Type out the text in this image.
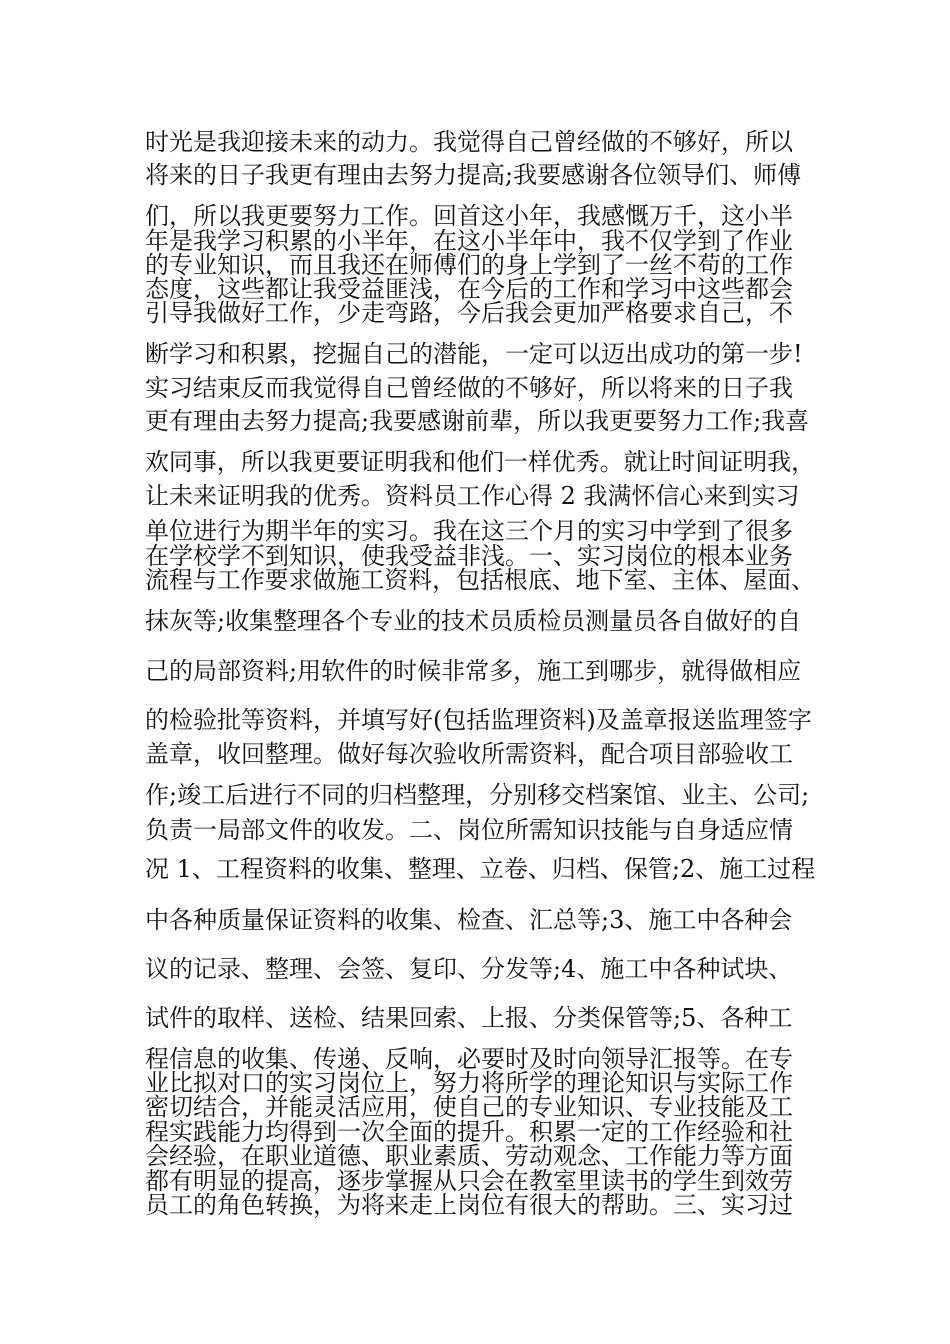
时光是我迎接未来的动力。我觉得自己曾经做的不够好，所以
将来的日子我更有理由去努力提高;我要感谢各位领导们、师傅
们，所以我更要努力工作。回首这小年，我感慨万千，这小半
年是我学习积累的小半年，在这小半年中，我不仅学到了作业
的专业知识，而且我还在师傅们的身上学到了一丝不苟的工作
态度，这些都让我受益匪浅，在今后的工作和学习中这些都会
引导我做好工作，少走弯路，今后我会更加严格要求自己，不
断学习和积累，挖掘自己的潜能，一定可以迈出成功的第一步!
实习结束反而我觉得自己曾经做的不够好，所以将来的日子我
更有理由去努力提高;我要感谢前辈，所以我更要努力工作;我喜
欢同事，所以我更要证明我和他们一样优秀。就让时间证明我，
让未来证明我的优秀。资料员工作心得 2 我满怀信心来到实习
单位进行为期半年的实习。我在这三个月的实习中学到了很多
在学校学不到知识，使我受益非浅。一、实习岗位的根本业务
流程与工作要求做施工资料，包括根底、地下室、主体、屋面、
抹灰等;收集整理各个专业的技术员质检员测量员各自做好的自
己的局部资料;用软件的时候非常多，施工到哪步，就得做相应
的检验批等资料，并填写好(包括监理资料)及盖章报送监理签字
盖章，收回整理。做好每次验收所需资料，配合项目部验收工
作;竣工后进行不同的归档整理，分别移交档案馆、业主、公司;
负责一局部文件的收发。二、岗位所需知识技能与自身适应情
况 1、工程资料的收集、整理、立卷、归档、保管;2、施工过程
中各种质量保证资料的收集、检查、汇总等;3、施工中各种会
议的记录、整理、会签、复印、分发等;4、施工中各种试块、
试件的取样、送检、结果回索、上报、分类保管等;5、各种工
程信息的收集、传递、反响，必要时及时向领导汇报等。在专
业比拟对口的实习岗位上，努力将所学的理论知识与实际工作
密切结合，并能灵活应用，使自己的专业知识、专业技能及工
程实践能力均得到一次全面的提升。积累一定的工作经验和社
会经验，在职业道德、职业素质、劳动观念、工作能力等方面
都有明显的提高，逐步掌握从只会在教室里读书的学生到效劳
员工的角色转换，为将来走上岗位有很大的帮助。三、实习过
